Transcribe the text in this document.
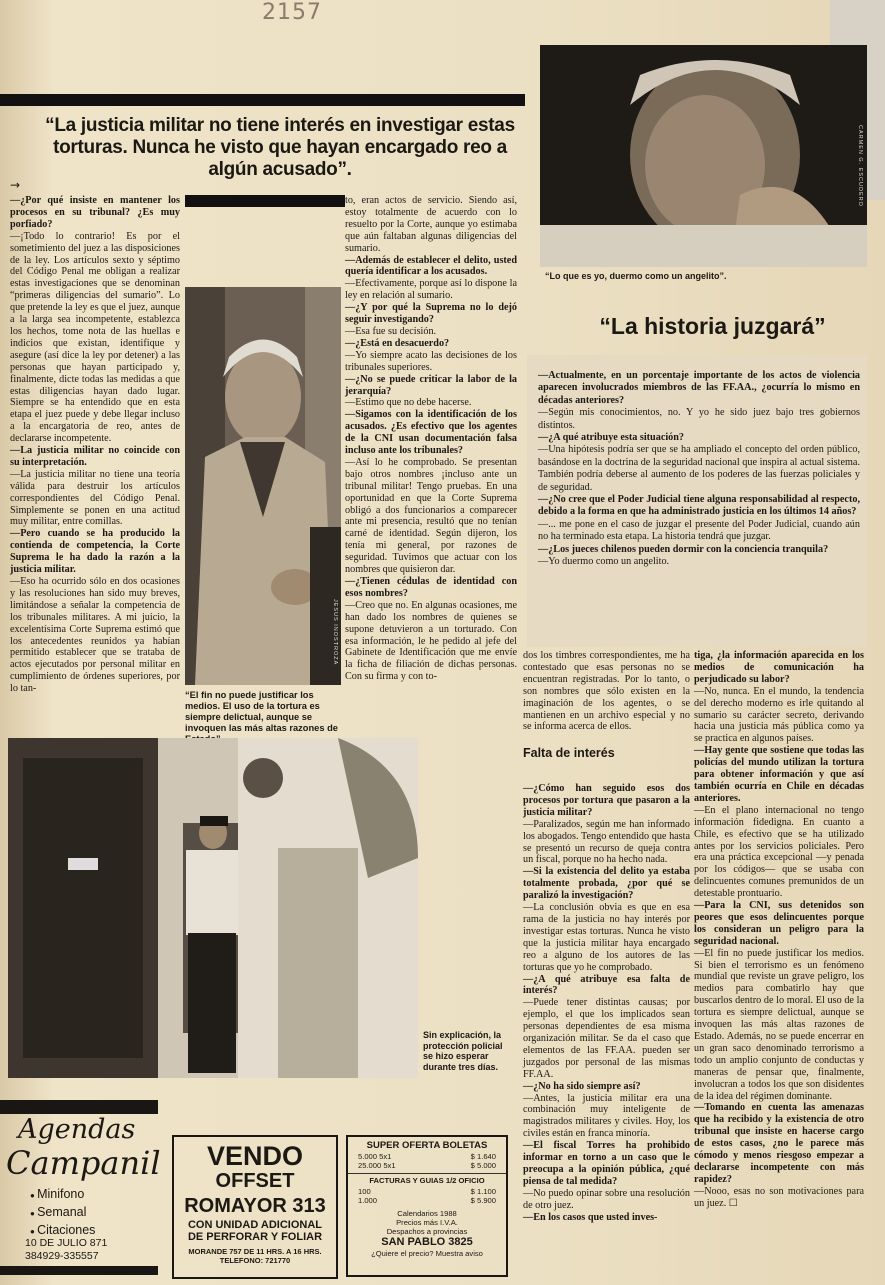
2157
“La justicia militar no tiene interés en investigar estas torturas. Nunca he visto que hayan encargado reo a algún acusado”.
→

—¿Por qué insiste en mantener los procesos en su tribunal? ¿Es muy porfiado?

—¡Todo lo contrario! Es por el sometimiento del juez a las disposiciones de la ley. Los artículos sexto y séptimo del Código Penal me obligan a realizar estas investigaciones que se denominan “primeras diligencias del sumario”. Lo que pretende la ley es que el juez, aunque a la larga sea incompetente, establezca los hechos, tome nota de las huellas e indicios que existan, identifique y asegure (así dice la ley por detener) a las personas que hayan participado y, finalmente, dicte todas las medidas a que estas diligencias hayan dado lugar. Siempre se ha entendido que en esta etapa el juez puede y debe llegar incluso a la encargatoria de reo, antes de declararse incompetente.

—La justicia militar no coincide con su interpretación.

—La justicia militar no tiene una teoría válida para destruir los artículos correspondientes del Código Penal. Simplemente se ponen en una actitud muy militar, entre comillas.

—Pero cuando se ha producido la contienda de competencia, la Corte Suprema le ha dado la razón a la justicia militar.

—Eso ha ocurrido sólo en dos ocasiones y las resoluciones han sido muy breves, limitándose a señalar la competencia de los tribunales militares. A mi juicio, la excelentísima Corte Suprema estimó que los antecedentes reunidos ya habían permitido establecer que se trataba de actos ejecutados por personal militar en cumplimiento de órdenes superiores, por lo tan-

to, eran actos de servicio. Siendo así, estoy totalmente de acuerdo con lo resuelto por la Corte, aunque yo estimaba que aún faltaban algunas diligencias del sumario.

—Además de establecer el delito, usted quería identificar a los acusados.

—Efectivamente, porque así lo dispone la ley en relación al sumario.

—¿Y por qué la Suprema no lo dejó seguir investigando?

—Esa fue su decisión.

—¿Está en desacuerdo?

—Yo siempre acato las decisiones de los tribunales superiores.

—¿No se puede criticar la labor de la jerarquía?

—Estimo que no debe hacerse.

—Sigamos con la identificación de los acusados. ¿Es efectivo que los agentes de la CNI usan documentación falsa incluso ante los tribunales?

—Así lo he comprobado. Se presentan bajo otros nombres ¡incluso ante un tribunal militar! Tengo pruebas. En una oportunidad en que la Corte Suprema obligó a dos funcionarios a comparecer ante mi presencia, resultó que no tenían carné de identidad. Según dijeron, los tenía mi general, por razones de seguridad. Tuvimos que actuar con los nombres que quisieron dar.

—¿Tienen cédulas de identidad con esos nombres?

—Creo que no. En algunas ocasiones, me han dado los nombres de quienes se supone detuvieron a un torturado. Con esa información, le he pedido al jefe del Gabinete de Identificación que me envíe la ficha de filiación de dichas personas. Con su firma y con to-

JESUS INOSTROZA
“El fin no puede justificar los medios. El uso de la tortura es siempre delictual, aunque se invoquen las más altas razones de
CARMEN G. ESCUDERO
“Lo que es yo, duermo como un angelito”.
“La historia juzgará”

—Actualmente, en un porcentaje importante de los actos de violencia aparecen involucrados miembros de las FF.AA., ¿ocurría lo mismo en décadas anteriores?

—Según mis conocimientos, no. Y yo he sido juez bajo tres gobiernos distintos.

—¿A qué atribuye esta situación?

—Una hipótesis podría ser que se ha ampliado el concepto del orden público, basándose en la doctrina de la seguridad nacional que inspira al actual sistema. También podría deberse al aumento de los poderes de las fuerzas policiales y de seguridad.

—¿No cree que el Poder Judicial tiene alguna responsabilidad al respecto, debido a la forma en que ha administrado justicia en los últimos 14 años?

—... me pone en el caso de juzgar el presente del Poder Judicial, cuando aún no ha terminado esta etapa. La historia tendrá que juzgar.

—¿Los jueces chilenos pueden dormir con la conciencia tranquila?

—Yo duermo como un angelito.

Sin explicación, la protección policial se hizo esperar durante tres días.

dos los timbres correspondientes, me ha contestado que esas personas no se encuentran registradas. Por lo tanto, o son nombres que sólo existen en la imaginación de los agentes, o se mantienen en un archivo especial y no se informa acerca de ellos.

Falta de interés

—¿Cómo han seguido esos dos procesos por tortura que pasaron a la justicia militar?

—Paralizados, según me han informado los abogados. Tengo entendido que hasta se presentó un recurso de queja contra un fiscal, porque no ha hecho nada.

—Si la existencia del delito ya estaba totalmente probada, ¿por qué se paralizó la investigación?

—La conclusión obvia es que en esa rama de la justicia no hay interés por investigar estas torturas. Nunca he visto que la justicia militar haya encargado reo a alguno de los autores de las torturas que yo he comprobado.

—¿A qué atribuye esa falta de interés?

—Puede tener distintas causas; por ejemplo, el que los implicados sean personas dependientes de esa misma organización militar. Se da el caso que elementos de las FF.AA. pueden ser juzgados por personal de las mismas FF.AA.

—¿No ha sido siempre así?

—Antes, la justicia militar era una combinación muy inteligente de magistrados militares y civiles. Hoy, los civiles están en franca minoría.

—El fiscal Torres ha prohibido informar en torno a un caso que le preocupa a la opinión pública, ¿qué piensa de tal medida?

—No puedo opinar sobre una resolución de otro juez.

—En los casos que usted inves-

tiga, ¿la información aparecida en los medios de comunicación ha perjudicado su labor?

—No, nunca. En el mundo, la tendencia del derecho moderno es irle quitando al sumario su carácter secreto, derivando hacia una justicia más pública como ya se practica en algunos países.

—Hay gente que sostiene que todas las policías del mundo utilizan la tortura para obtener información y que así también ocurría en Chile en décadas anteriores.

—En el plano internacional no tengo información fidedigna. En cuanto a Chile, es efectivo que se ha utilizado antes por los servicios policiales. Pero era una práctica excepcional —y penada por los códigos— que se usaba con delincuentes comunes premunidos de un detestable prontuario.

—Para la CNI, sus detenidos son peores que esos delincuentes porque los consideran un peligro para la seguridad nacional.

—El fin no puede justificar los medios. Si bien el terrorismo es un fenómeno mundial que reviste un grave peligro, los medios para combatirlo hay que buscarlos dentro de lo moral. El uso de la tortura es siempre delictual, aunque se invoquen las más altas razones de Estado. Además, no se puede encerrar en un gran saco denominado terrorismo a todo un amplio conjunto de conductas y maneras de pensar que, finalmente, involucran a todos los que son disidentes de la idea del régimen dominante.

—Tomando en cuenta las amenazas que ha recibido y la existencia de otro tribunal que insiste en hacerse cargo de estos casos, ¿no le parece más cómodo y menos riesgoso empezar a declararse incompetente con más rapidez?

—Nooo, esas no son motivaciones para un juez. ☐

Agendas
Campanil
● Minifono
● Semanal
● Citaciones
10 DE JULIO 871
384929-335557
VENDO
OFFSET
ROMAYOR 313
CON UNIDAD ADICIONAL
DE PERFORAR Y FOLIAR
MORANDE 757 DE 11 HRS. A 16 HRS.
TELEFONO: 721770
SUPER OFERTA BOLETAS
5.000 5x1	$ 1.640
25.000 5x1	$ 5.000
FACTURAS Y GUIAS 1/2 OFICIO
100	$ 1.100
1.000	$ 5.900
Calendarios 1988
Precios más I.V.A.
Despachos a provincias
SAN PABLO 3825
¿Quiere el precio? Muestra aviso
